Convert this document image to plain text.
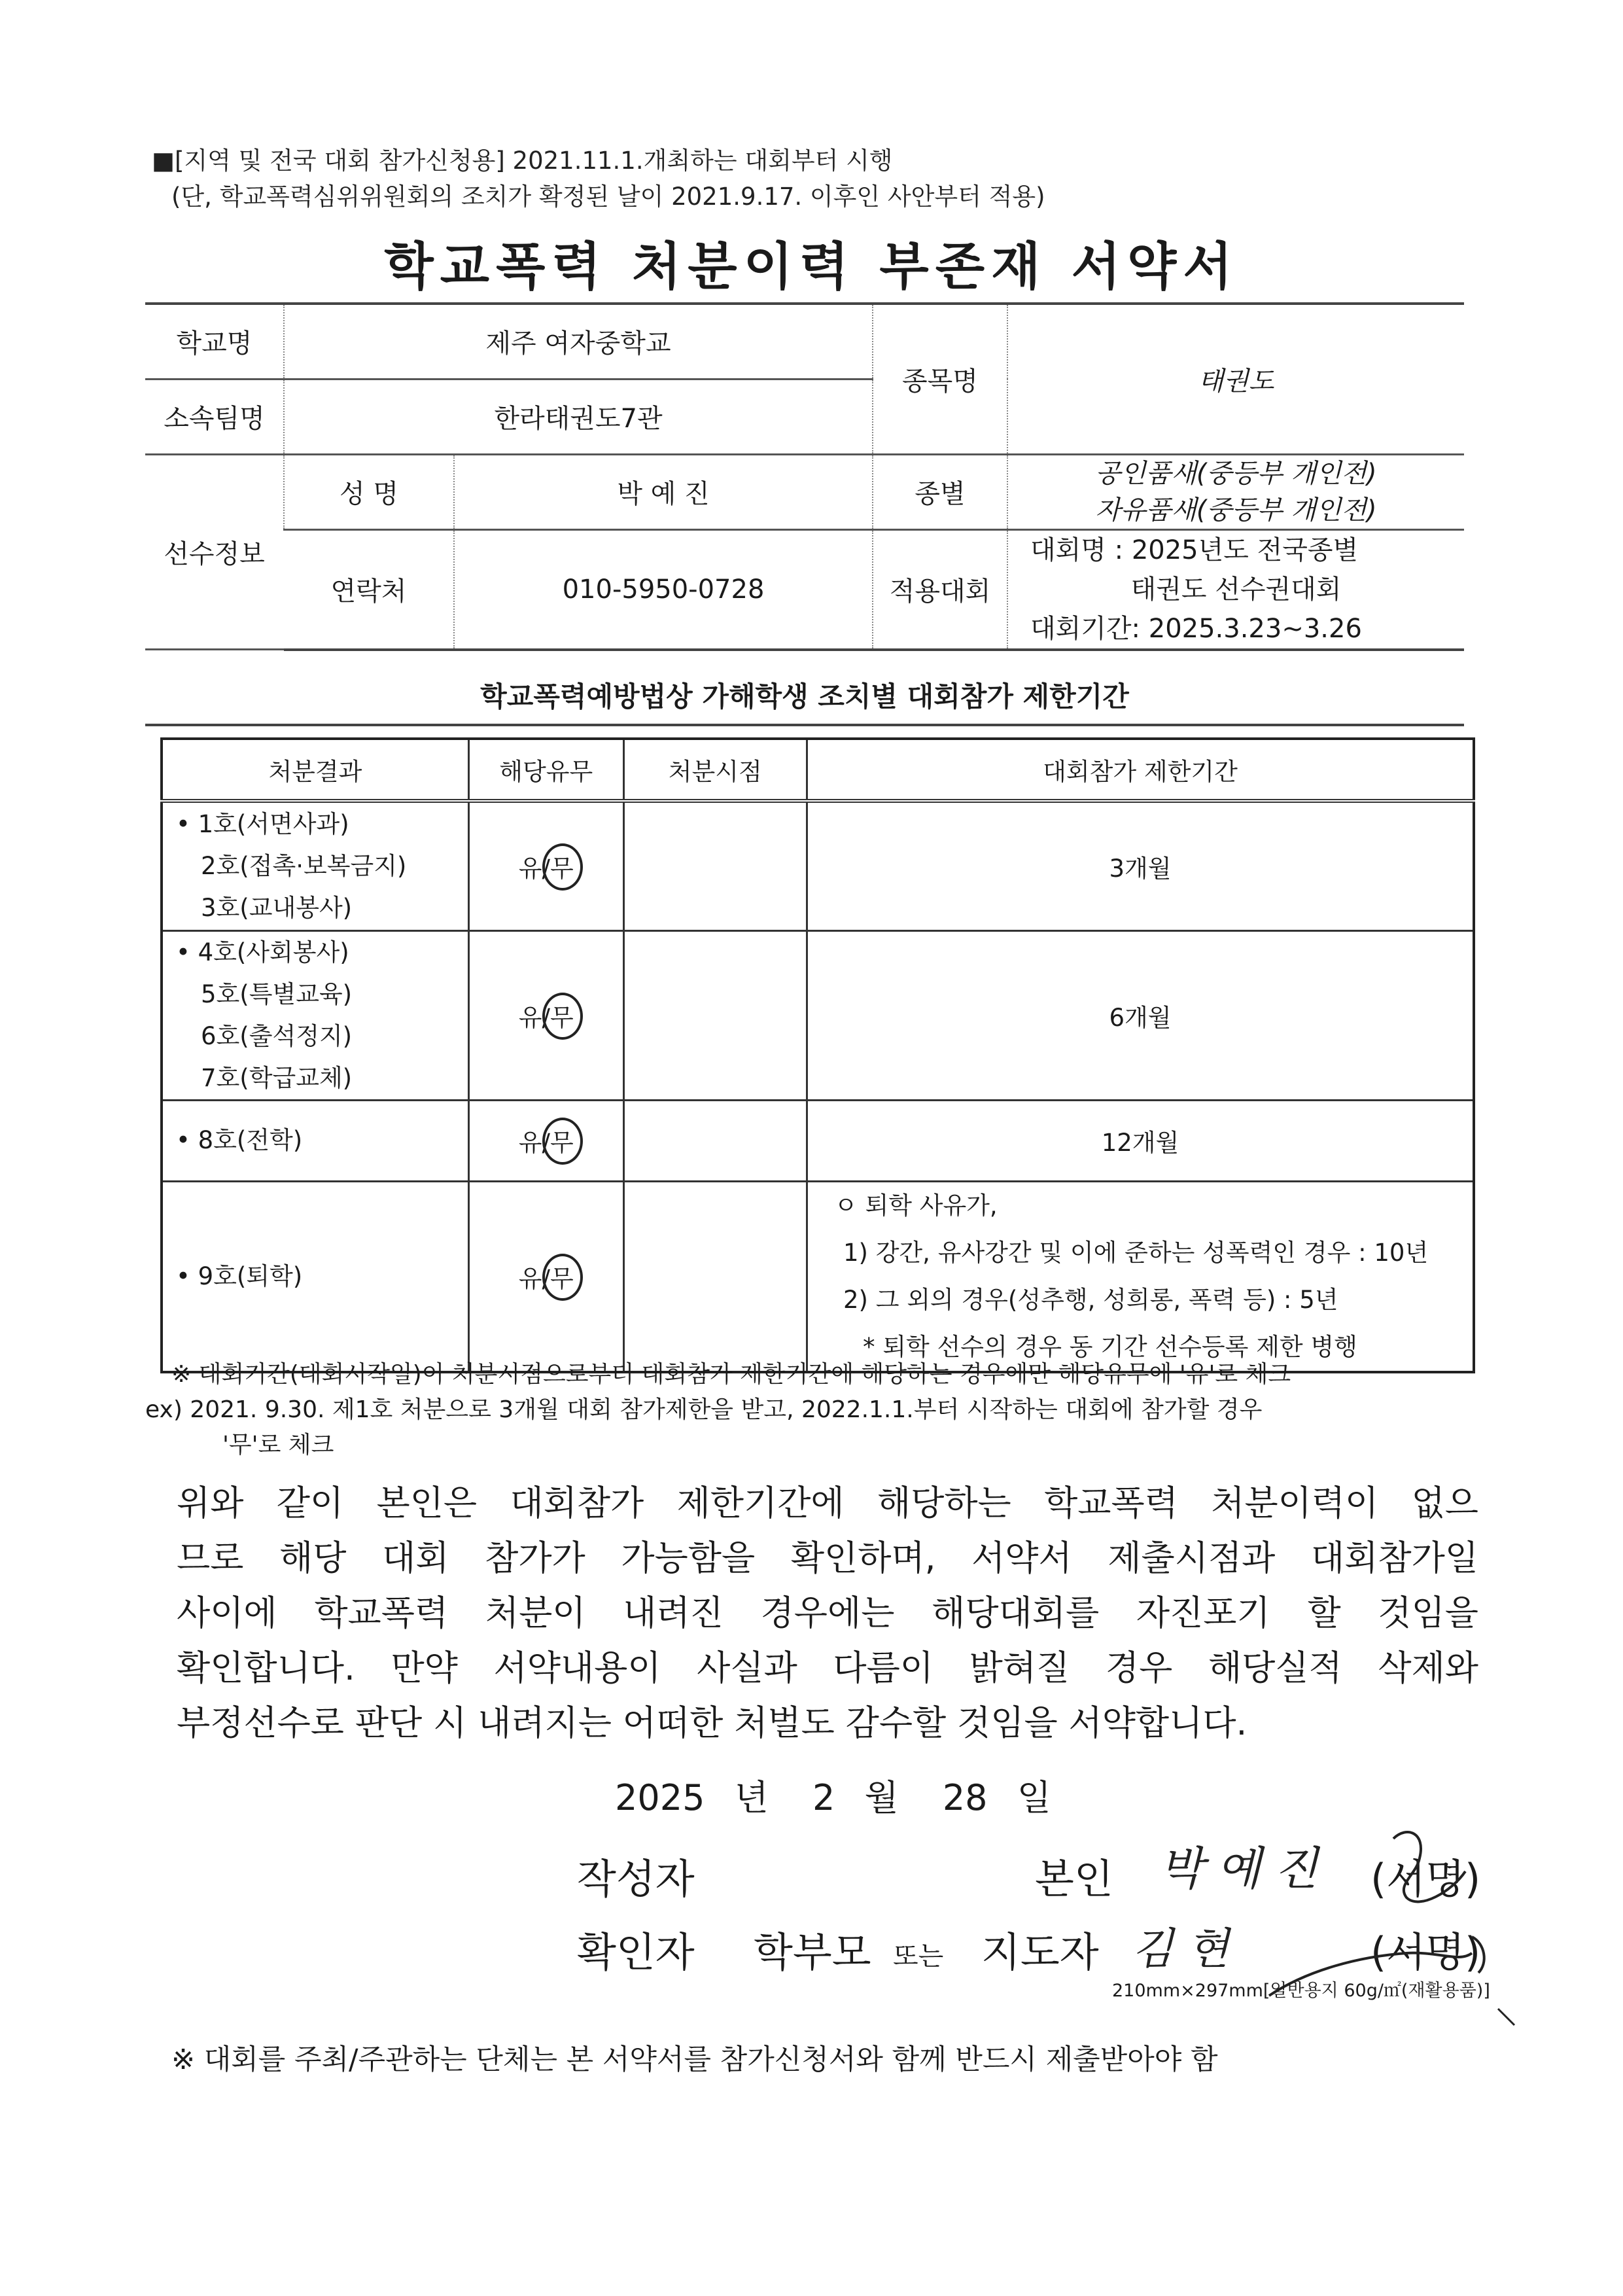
■[지역 및 전국 대회 참가신청용] 2021.11.1.개최하는 대회부터 시행
(단, 학교폭력심위위원회의 조치가 확정된 날이 2021.9.17. 이후인 사안부터 적용)
학교폭력 처분이력 부존재 서약서
학교명	제주 여자중학교		종목명	태권도
소속팀명	한라태권도7관			
선수정보	성 명	박 예 진	종별	공인품새(중등부 개인전)
자유품새(중등부 개인전)

	연락처	010-5950-0728	적용대회	대회명 : 2025년도 전국종별
태권도 선수권대회
대회기간: 2025.3.23~3.26
학교폭력예방법상 가해학생 조치별 대회참가 제한기간
처분결과	해당유무	처분시점	대회참가 제한기간

• 1호(서면사과)
2호(접촉·보복금지)
3호(교내봉사)	유/무		3개월

• 4호(사회봉사)
5호(특별교육)
6호(출석정지)
7호(학급교체)	유/무		6개월

• 8호(전학)	유/무		12개월

• 9호(퇴학)	유/무		ㅇ 퇴학 사유가,
1) 강간, 유사강간 및 이에 준하는 성폭력인 경우 : 10년
2) 그 외의 경우(성추행, 성희롱, 폭력 등) : 5년
* 퇴학 선수의 경우 동 기간 선수등록 제한 병행
※ 대회기간(대회시작일)이 처분시점으로부터 대회참가 제한기간에 해당하는 경우에만 해당유무에 '유'로 체크
ex) 2021. 9.30. 제1호 처분으로 3개월 대회 참가제한을 받고, 2022.1.1.부터 시작하는 대회에 참가할 경우
'무'로 체크
위와 같이 본인은 대회참가 제한기간에 해당하는 학교폭력 처분이력이 없으
므로 해당 대회 참가가 가능함을 확인하며, 서약서 제출시점과 대회참가일
사이에 학교폭력 처분이 내려진 경우에는 해당대회를 자진포기 할 것임을
확인합니다. 만약 서약내용이 사실과 다름이 밝혀질 경우 해당실적 삭제와
부정선수로 판단 시 내려지는 어떠한 처벌도 감수할 것임을 서약합니다.
2025 년 2 월 28 일
작성자	본인 박예진 (서명)
확인자 학부모 또는 지도자 김 현	(서명)
210mm×297mm[일반용지 60g/㎡(재활용품)]
※ 대회를 주최/주관하는 단체는 본 서약서를 참가신청서와 함께 반드시 제출받아야 함
